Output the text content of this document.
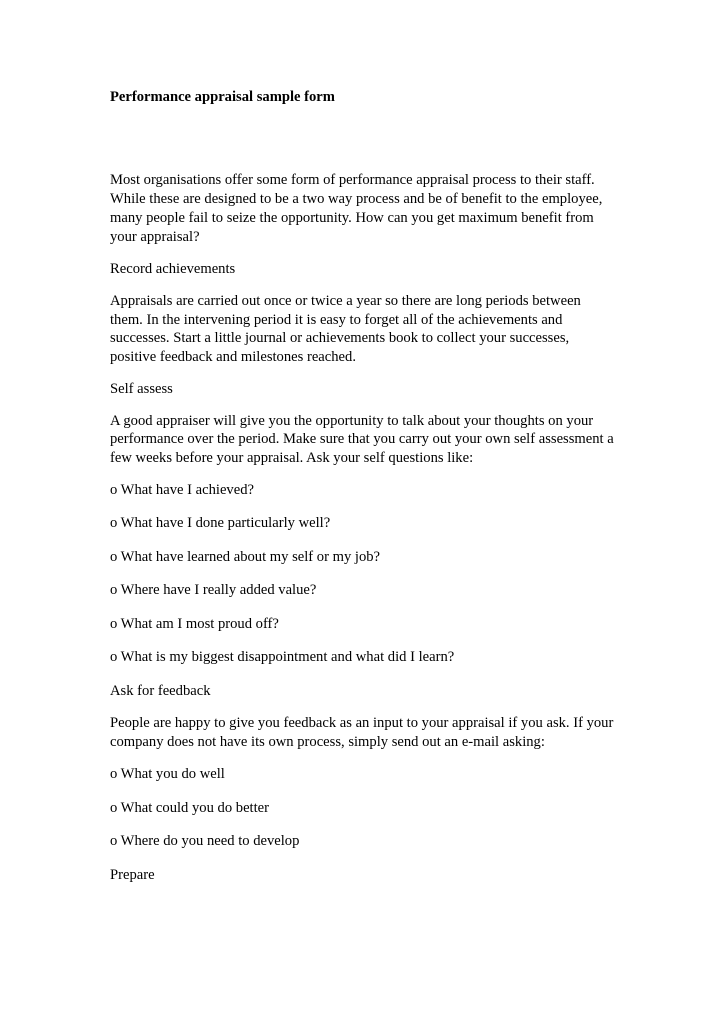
Performance appraisal sample form

Most organisations offer some form of performance appraisal process to their staff.

While these are designed to be a two way process and be of benefit to the employee,

many people fail to seize the opportunity. How can you get maximum benefit from

your appraisal?

Record achievements

Appraisals are carried out once or twice a year so there are long periods between

them. In the intervening period it is easy to forget all of the achievements and

successes. Start a little journal or achievements book to collect your successes,

positive feedback and milestones reached.

Self assess

A good appraiser will give you the opportunity to talk about your thoughts on your

performance over the period. Make sure that you carry out your own self assessment a

few weeks before your appraisal. Ask your self questions like:

o What have I achieved?

o What have I done particularly well?

o What have learned about my self or my job?

o Where have I really added value?

o What am I most proud off?

o What is my biggest disappointment and what did I learn?

Ask for feedback

People are happy to give you feedback as an input to your appraisal if you ask. If your

company does not have its own process, simply send out an e-mail asking:

o What you do well

o What could you do better

o Where do you need to develop

Prepare
